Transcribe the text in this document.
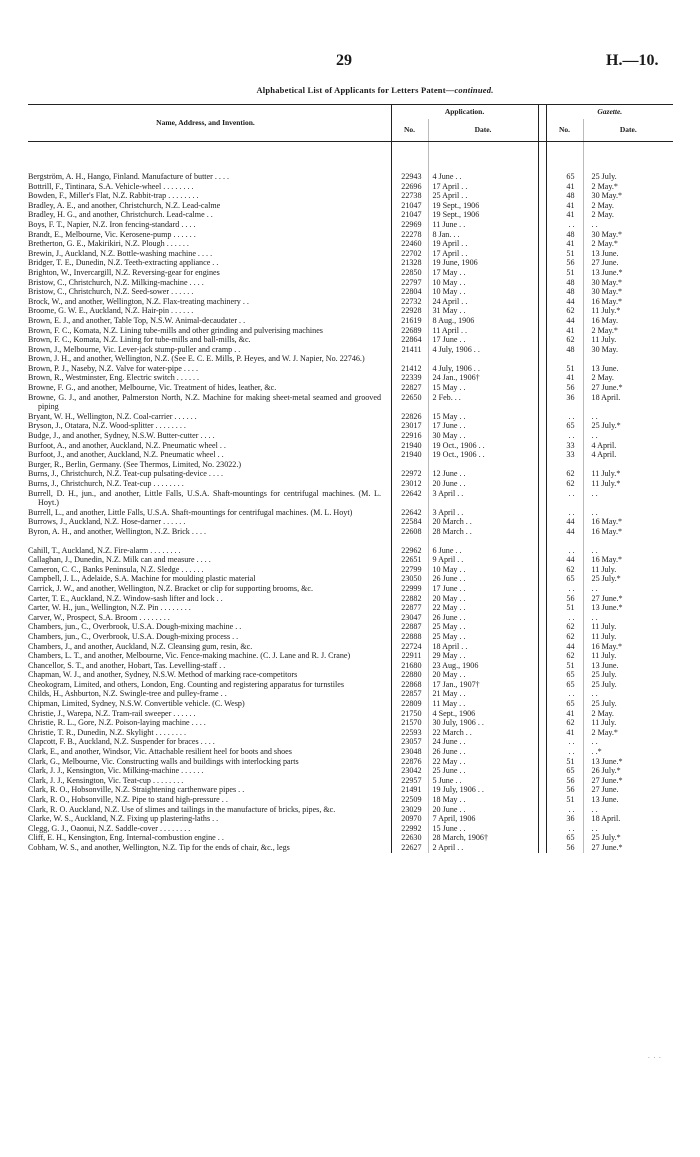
29	H.—10.
Alphabetical List of Applicants for Letters Patent—continued.
Name, Address, and Invention.		Application.			Gazette.	
		No.	Date.		No.	Date.

Bergström, A. H., Hango, Finland. Manufacture of butter . . . .		22943	4 June . .		65	25 July.
Bottrill, F., Tintinara, S.A. Vehicle-wheel . . . . . . . .		22696	17 April . .		41	2 May.*
Bowden, F., Miller's Flat, N.Z. Rabbit-trap . . . . . . . .		22738	25 April . .		48	30 May.*
Bradley, A. E., and another, Christchurch, N.Z. Lead-calme		21047	19 Sept., 1906		41	2 May.
Bradley, H. G., and another, Christchurch. Lead-calme . .		21047	19 Sept., 1906		41	2 May.
Boys, F. T., Napier, N.Z. Iron fencing-standard . . . .		22969	11 June . .		. .	. .
Brandt, E., Melbourne, Vic. Kerosene-pump . . . . . .		22278	8 Jan. . .		48	30 May.*
Bretherton, G. E., Makirikiri, N.Z. Plough . . . . . .		22460	19 April . .		41	2 May.*
Brewin, J., Auckland, N.Z. Bottle-washing machine . . . .		22702	17 April . .		51	13 June.
Bridger, T. E., Dunedin, N.Z. Teeth-extracting appliance . .		21328	19 June, 1906		56	27 June.
Brighton, W., Invercargill, N.Z. Reversing-gear for engines		22850	17 May . .		51	13 June.*
Bristow, C., Christchurch, N.Z. Milking-machine . . . .		22797	10 May . .		48	30 May.*
Bristow, C., Christchurch, N.Z. Seed-sower . . . . . .		22804	10 May . .		48	30 May.*
Brock, W., and another, Wellington, N.Z. Flax-treating machinery . .		22732	24 April . .		44	16 May.*
Broome, G. W. E., Auckland, N.Z. Hair-pin . . . . . .		22928	31 May . .		62	11 July.*
Brown, E. J., and another, Table Top, N.S.W. Animal-decaudater . .		21619	8 Aug., 1906		44	16 May.
Brown, F. C., Komata, N.Z. Lining tube-mills and other grinding and pulverising machines		22689	11 April . .		41	2 May.*
Brown, F. C., Komata, N.Z. Lining for tube-mills and ball-mills, &c.		22864	17 June . .		62	11 July.
Brown, J., Melbourne, Vic. Lever-jack stump-puller and cramp . .		21411	4 July, 1906 . .		48	30 May.
Brown, J. H., and another, Wellington, N.Z. (See E. C. E. Mills, P. Heyes, and W. J. Napier, No. 22746.)						
Brown, P. J., Naseby, N.Z. Valve for water-pipe . . . .		21412	4 July, 1906 . .		51	13 June.
Brown, R., Westminster, Eng. Electric switch . . . . . .		22339	24 Jan., 1906†		41	2 May.
Browne, F. G., and another, Melbourne, Vic. Treatment of hides, leather, &c.		22827	15 May . .		56	27 June.*
Browne, G. J., and another, Palmerston North, N.Z. Machine for making sheet-metal seamed and grooved piping		22650	2 Feb. . .		36	18 April.
Bryant, W. H., Wellington, N.Z. Coal-carrier . . . . . .		22826	15 May . .		. .	. .
Bryson, J., Otatara, N.Z. Wood-splitter . . . . . . . .		23017	17 June . .		65	25 July.*
Budge, J., and another, Sydney, N.S.W. Butter-cutter . . . .		22916	30 May . .		. .	. .
Burfoot, A., and another, Auckland, N.Z. Pneumatic wheel . .		21940	19 Oct., 1906 . .		33	4 April.
Burfoot, J., and another, Auckland, N.Z. Pneumatic wheel . .		21940	19 Oct., 1906 . .		33	4 April.
Burger, R., Berlin, Germany. (See Thermos, Limited, No. 23022.)						
Burns, J., Christchurch, N.Z. Teat-cup pulsating-device . . . .		22972	12 June . .		62	11 July.*
Burns, J., Christchurch, N.Z. Teat-cup . . . . . . . .		23012	20 June . .		62	11 July.*
Burrell, D. H., jun., and another, Little Falls, U.S.A. Shaft-mountings for centrifugal machines. (M. L. Hoyt.)		22642	3 April . .		. .	. .
Burrell, L., and another, Little Falls, U.S.A. Shaft-mountings for centrifugal machines. (M. L. Hoyt)		22642	3 April . .		. .	. .
Burrows, J., Auckland, N.Z. Hose-darner . . . . . .		22584	20 March . .		44	16 May.*
Byron, A. H., and another, Wellington, N.Z. Brick . . . .		22608	28 March . .		44	16 May.*

Cahill, T., Auckland, N.Z. Fire-alarm . . . . . . . .		22962	6 June . .		. .	. .
Callaghan, J., Dunedin, N.Z. Milk can and measure . . . .		22651	9 April . .		44	16 May.*
Cameron, C. C., Banks Peninsula, N.Z. Sledge . . . . . .		22799	10 May . .		62	11 July.
Campbell, J. L., Adelaide, S.A. Machine for moulding plastic material		23050	26 June . .		65	25 July.*
Carrick, J. W., and another, Wellington, N.Z. Bracket or clip for supporting brooms, &c.		22999	17 June . .		. .	. .
Carter, T. E., Auckland, N.Z. Window-sash lifter and lock . .		22882	20 May . .		56	27 June.*
Carter, W. H., jun., Wellington, N.Z. Pin . . . . . . . .		22877	22 May . .		51	13 June.*
Carver, W., Prospect, S.A. Broom . . . . . . . .		23047	26 June . .		. .	. .
Chambers, jun., C., Overbrook, U.S.A. Dough-mixing machine . .		22887	25 May . .		62	11 July.
Chambers, jun., C., Overbrook, U.S.A. Dough-mixing process . .		22888	25 May . .		62	11 July.
Chambers, J., and another, Auckland, N.Z. Cleansing gum, resin, &c.		22724	18 April . .		44	16 May.*
Chambers, L. T., and another, Melbourne, Vic. Fence-making machine. (C. J. Lane and R. J. Crane)		22911	29 May . .		62	11 July.
Chancellor, S. T., and another, Hobart, Tas. Levelling-staff . .		21680	23 Aug., 1906		51	13 June.
Chapman, W. J., and another, Sydney, N.S.W. Method of marking race-competitors		22880	20 May . .		65	25 July.
Cheokogram, Limited, and others, London, Eng. Counting and registering apparatus for turnstiles		22868	17 Jan., 1907†		65	25 July.
Childs, H., Ashburton, N.Z. Swingle-tree and pulley-frame . .		22857	21 May . .		. .	. .
Chipman, Limited, Sydney, N.S.W. Convertible vehicle. (C. Wesp)		22809	11 May . .		65	25 July.
Christie, J., Warepa, N.Z. Tram-rail sweeper . . . . . .		21750	4 Sept., 1906		41	2 May.
Christie, R. L., Gore, N.Z. Poison-laying machine . . . .		21570	30 July, 1906 . .		62	11 July.
Christie, T. R., Dunedin, N.Z. Skylight . . . . . . . .		22593	22 March . .		41	2 May.*
Clapcott, F. B., Auckland, N.Z. Suspender for braces . . . .		23057	24 June . .		. .	. .
Clark, E., and another, Windsor, Vic. Attachable resilient heel for boots and shoes		23048	26 June . .		. .	. .*
Clark, G., Melbourne, Vic. Constructing walls and buildings with interlocking parts		22876	22 May . .		51	13 June.*
Clark, J. J., Kensington, Vic. Milking-machine . . . . . .		23042	25 June . .		65	26 July.*
Clark, J. J., Kensington, Vic. Teat-cup . . . . . . . .		22957	5 June . .		56	27 June.*
Clark, R. O., Hobsonville, N.Z. Straightening carthenware pipes . .		21491	19 July, 1906 . .		56	27 June.
Clark, R. O., Hobsonville, N.Z. Pipe to stand high-pressure . .		22509	18 May . .		51	13 June.
Clark, R. O. Auckland, N.Z. Use of slimes and tailings in the manufacture of bricks, pipes, &c.		23029	20 June . .		. .	. .
Clarke, W. S., Auckland, N.Z. Fixing up plastering-laths . .		20970	7 April, 1906		36	18 April.
Clegg, G. J., Oaonui, N.Z. Saddle-cover . . . . . . . .		22992	15 June . .		. .	. .
Cliff, E. H., Kensington, Eng. Internal-combustion engine . .		22630	28 March, 1906†		65	25 July.*
Cobham, W. S., and another, Wellington, N.Z. Tip for the ends of chair, &c., legs		22627	2 April . .		56	27 June.*
. . .
